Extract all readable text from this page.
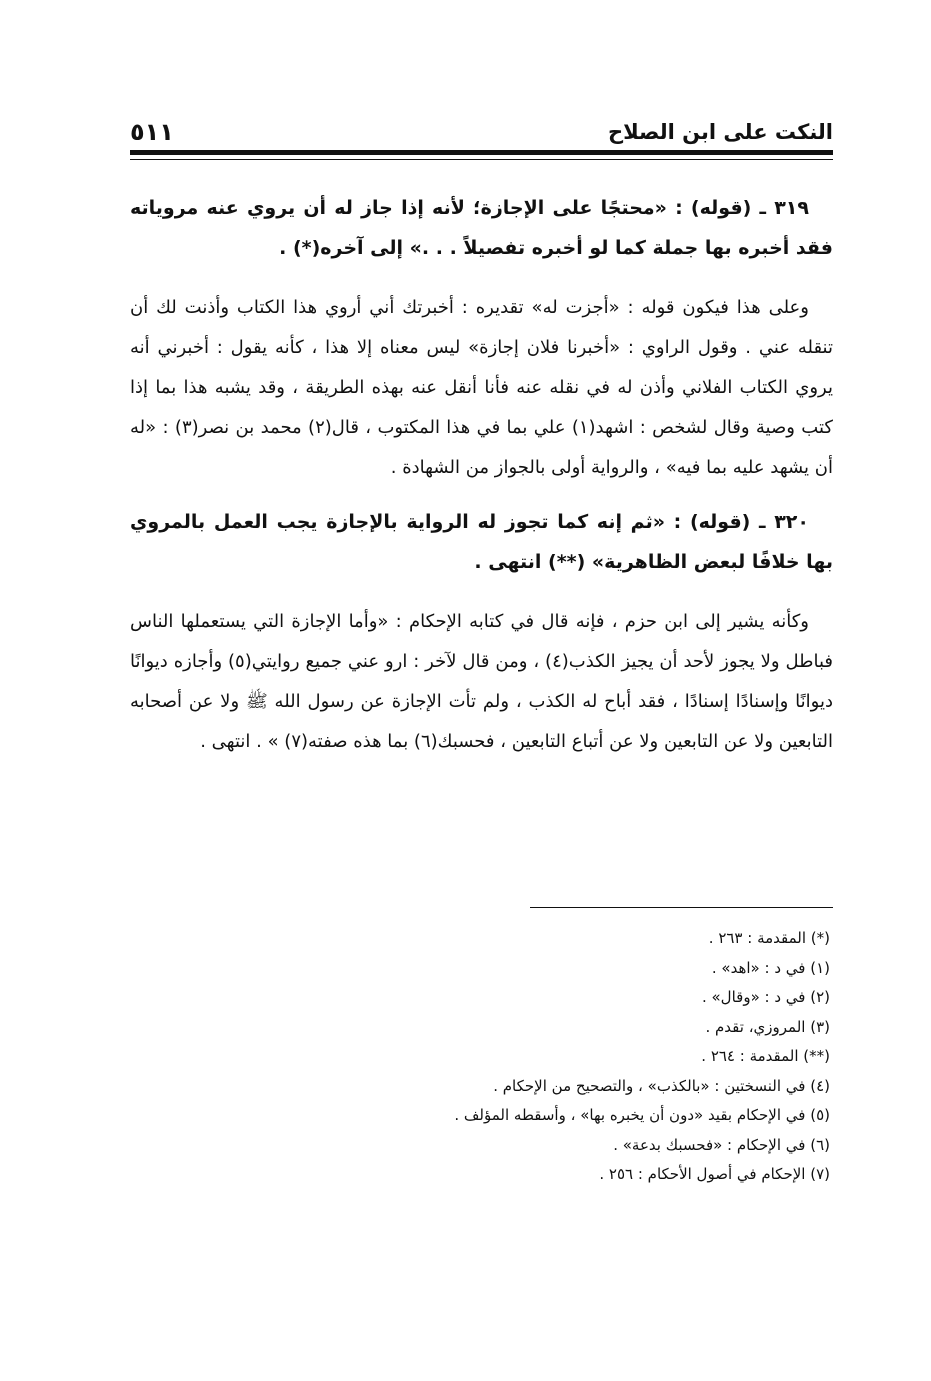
النكت على ابن الصلاح
٥١١

٣١٩ ـ (قوله) : «محتجًا على الإجازة؛ لأنه إذا جاز له أن يروي عنه مروياته فقد أخبره بها جملة كما لو أخبره تفصيلاً . . .» إلى آخره(*) .

وعلى هذا فيكون قوله : «أجزت له» تقديره : أخبرتك أني أروي هذا الكتاب وأذنت لك أن تنقله عني . وقول الراوي : «أخبرنا فلان إجازة» ليس معناه إلا هذا ، كأنه يقول : أخبرني أنه يروي الكتاب الفلاني وأذن له في نقله عنه فأنا أنقل عنه بهذه الطريقة ، وقد يشبه هذا بما إذا كتب وصية وقال لشخص : اشهد(١) علي بما في هذا المكتوب ، قال(٢) محمد بن نصر(٣) : «له أن يشهد عليه بما فيه» ، والرواية أولى بالجواز من الشهادة .

٣٢٠ ـ (قوله) : «ثم إنه كما تجوز له الرواية بالإجازة يجب العمل بالمروي بها خلافًا لبعض الظاهرية» (**) انتهى .

وكأنه يشير إلى ابن حزم ، فإنه قال في كتابه الإحكام : «وأما الإجازة التي يستعملها الناس فباطل ولا يجوز لأحد أن يجيز الكذب(٤) ، ومن قال لآخر : ارو عني جميع روايتي(٥) وأجازه ديوانًا ديوانًا وإسنادًا إسنادًا ، فقد أباح له الكذب ، ولم تأت الإجازة عن رسول الله ﷺ ولا عن أصحابه التابعين ولا عن التابعين ولا عن أتباع التابعين ، فحسبك(٦) بما هذه صفته(٧) » . انتهى .

(*) المقدمة : ٢٦٣ .
(١) في د : «اهد» .
(٢) في د : «وقال» .
(٣) المروزي، تقدم .
(**) المقدمة : ٢٦٤ .
(٤) في النسختين : «بالكذب» ، والتصحيح من الإحكام .
(٥) في الإحكام بقيد «دون أن يخبره بها» ، وأسقطه المؤلف .
(٦) في الإحكام : «فحسبك بدعة» .
(٧) الإحكام في أصول الأحكام : ٢٥٦ .
